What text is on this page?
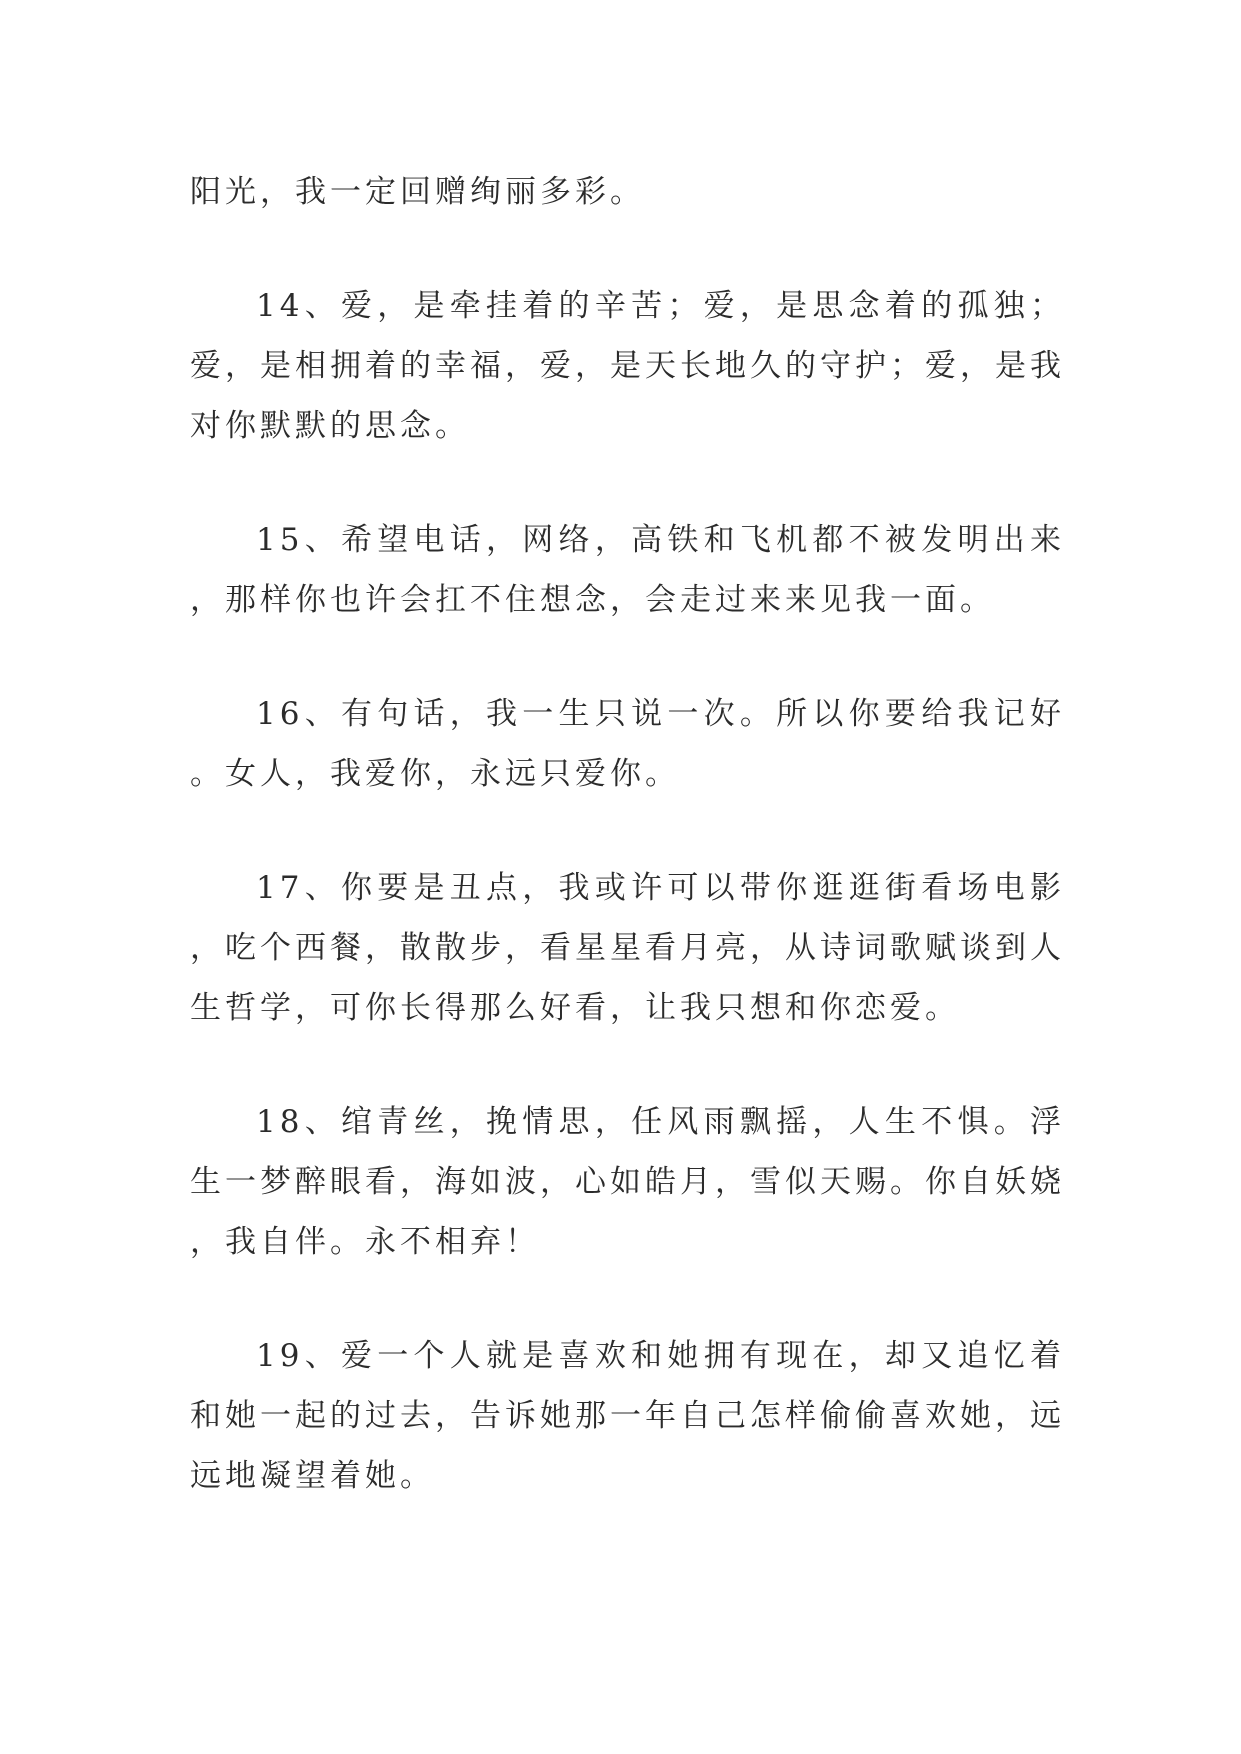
阳光，我一定回赠绚丽多彩。

14、爱，是牵挂着的辛苦；爱，是思念着的孤独；爱，是相拥着的幸福，爱，是天长地久的守护；爱，是我对你默默的思念。

15、希望电话，网络，高铁和飞机都不被发明出来，那样你也许会扛不住想念，会走过来来见我一面。

16、有句话，我一生只说一次。所以你要给我记好。女人，我爱你，永远只爱你。

17、你要是丑点，我或许可以带你逛逛街看场电影，吃个西餐，散散步，看星星看月亮，从诗词歌赋谈到人生哲学，可你长得那么好看，让我只想和你恋爱。

18、绾青丝，挽情思，任风雨飘摇，人生不惧。浮生一梦醉眼看，海如波，心如皓月，雪似天赐。你自妖娆，我自伴。永不相弃！

19、爱一个人就是喜欢和她拥有现在，却又追忆着和她一起的过去，告诉她那一年自己怎样偷偷喜欢她，远远地凝望着她。
